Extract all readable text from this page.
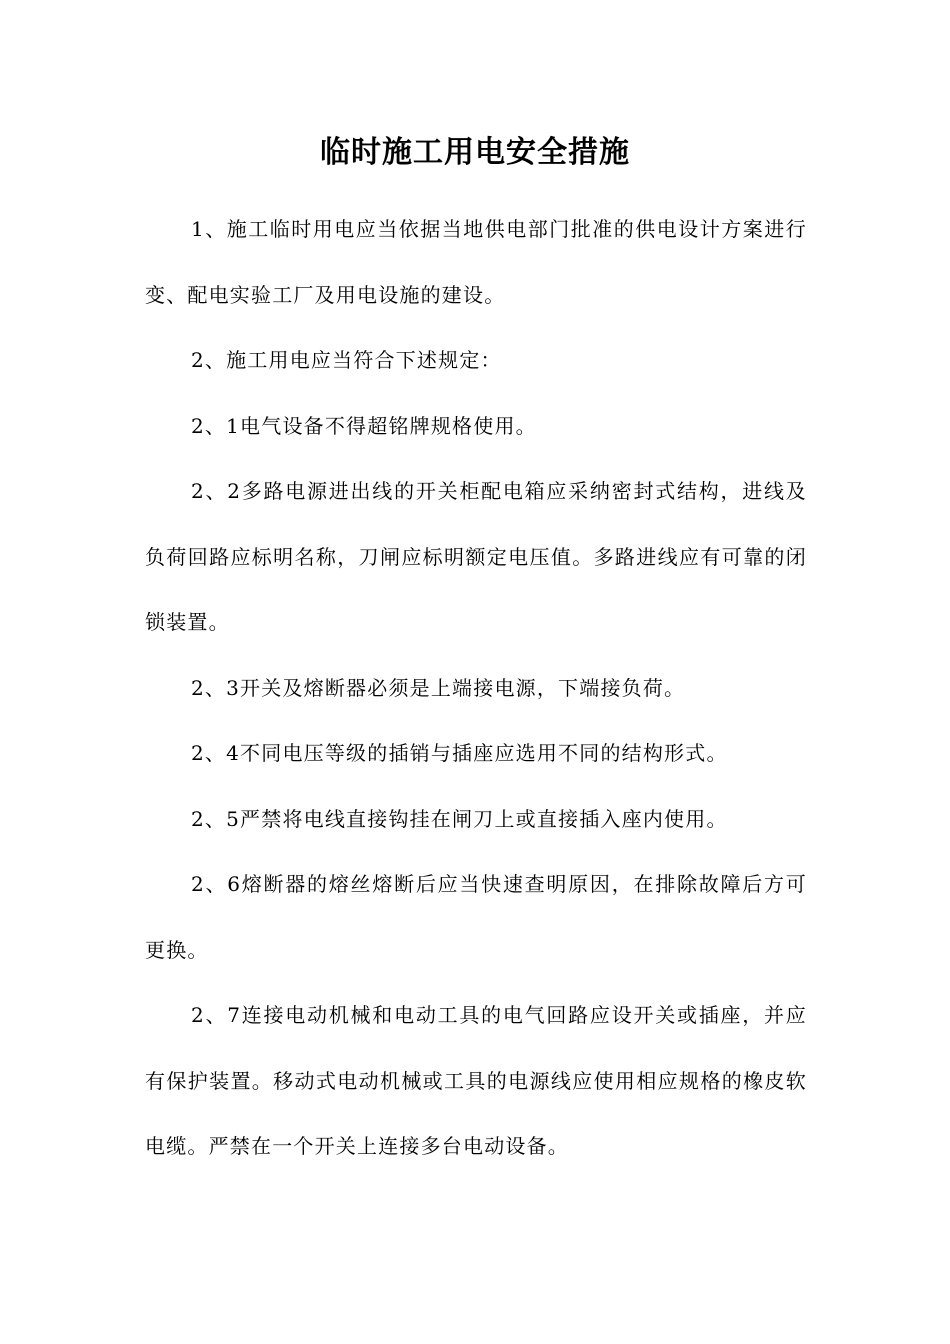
临时施工用电安全措施

1、施工临时用电应当依据当地供电部门批准的供电设计方案进行变、配电实验工厂及用电设施的建设。

2、施工用电应当符合下述规定：

2、1电气设备不得超铭牌规格使用。

2、2多路电源进出线的开关柜配电箱应采纳密封式结构，进线及负荷回路应标明名称，刀闸应标明额定电压值。多路进线应有可靠的闭锁装置。

2、3开关及熔断器必须是上端接电源，下端接负荷。

2、4不同电压等级的插销与插座应选用不同的结构形式。

2、5严禁将电线直接钩挂在闸刀上或直接插入座内使用。

2、6熔断器的熔丝熔断后应当快速查明原因，在排除故障后方可更换。

2、7连接电动机械和电动工具的电气回路应设开关或插座，并应有保护装置。移动式电动机械或工具的电源线应使用相应规格的橡皮软电缆。严禁在一个开关上连接多台电动设备。
